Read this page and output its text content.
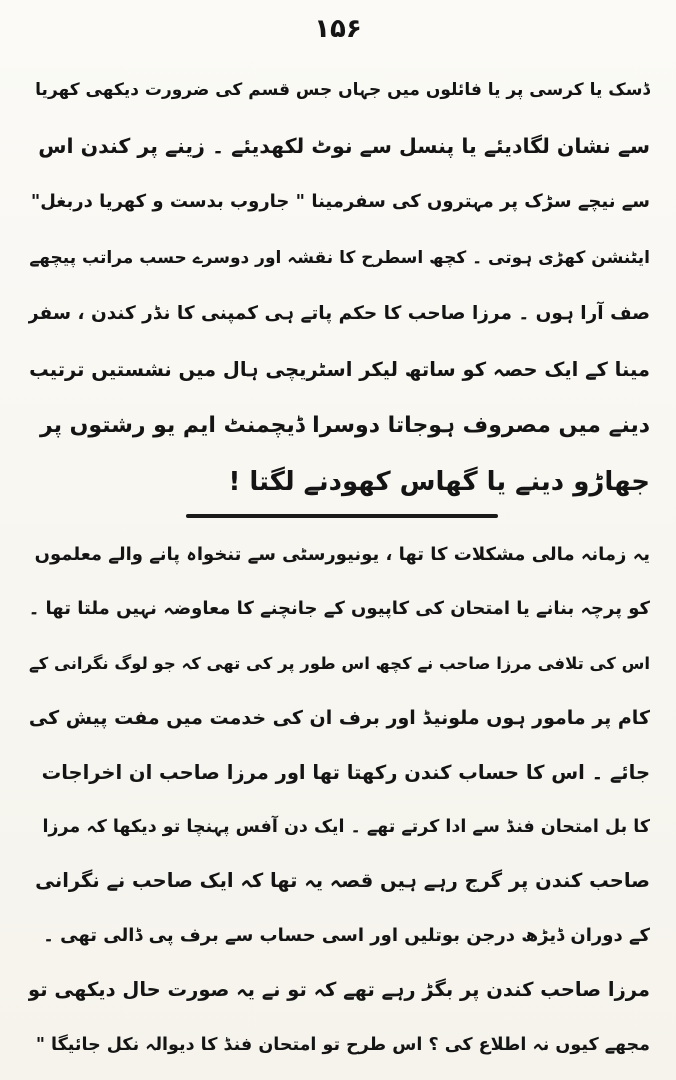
۱۵۶
ڈسک یا کرسی پر یا فائلوں میں جہاں جس قسم کی ضرورت دیکھی کھریا
سے نشان لگادیئے یا پنسل سے نوٹ لکھدیئے ۔ زینے پر کندن اس
سے نیچے سڑک پر مہتروں کی سفرمینا " جاروب بدست و کھریا دربغل"
ایٹنشن کھڑی ہوتی ۔ کچھ اسطرح کا نقشہ اور دوسرے حسب مراتب پیچھے
صف آرا ہوں ۔ مرزا صاحب کا حکم پاتے ہی کمپنی کا نڈر کندن ، سفر
مینا کے ایک حصہ کو ساتھ لیکر اسٹریچی ہال میں نشستیں ترتیب
دینے میں مصروف ہوجاتا دوسرا ڈیچمنٹ ایم یو رشتوں پر
جھاڑو دینے یا گھاس کھودنے لگتا !
یہ زمانہ مالی مشکلات کا تھا ، یونیورسٹی سے تنخواہ پانے والے معلموں
کو پرچہ بنانے یا امتحان کی کاپیوں کے جانچنے کا معاوضہ نہیں ملتا تھا ۔
اس کی تلافی مرزا صاحب نے کچھ اس طور پر کی تھی کہ جو لوگ نگرانی کے
کام پر مامور ہوں ملونیڈ اور برف ان کی خدمت میں مفت پیش کی
جائے ۔ اس کا حساب کندن رکھتا تھا اور مرزا صاحب ان اخراجات
کا بل امتحان فنڈ سے ادا کرتے تھے ۔ ایک دن آفس پہنچا تو دیکھا کہ مرزا
صاحب کندن پر گرج رہے ہیں قصہ یہ تھا کہ ایک صاحب نے نگرانی
کے دوران ڈیڑھ درجن بوتلیں اور اسی حساب سے برف پی ڈالی تھی ۔
مرزا صاحب کندن پر بگڑ رہے تھے کہ تو نے یہ صورت حال دیکھی تو
مجھے کیوں نہ اطلاع کی ؟ اس طرح تو امتحان فنڈ کا دیوالہ نکل جائیگا "
